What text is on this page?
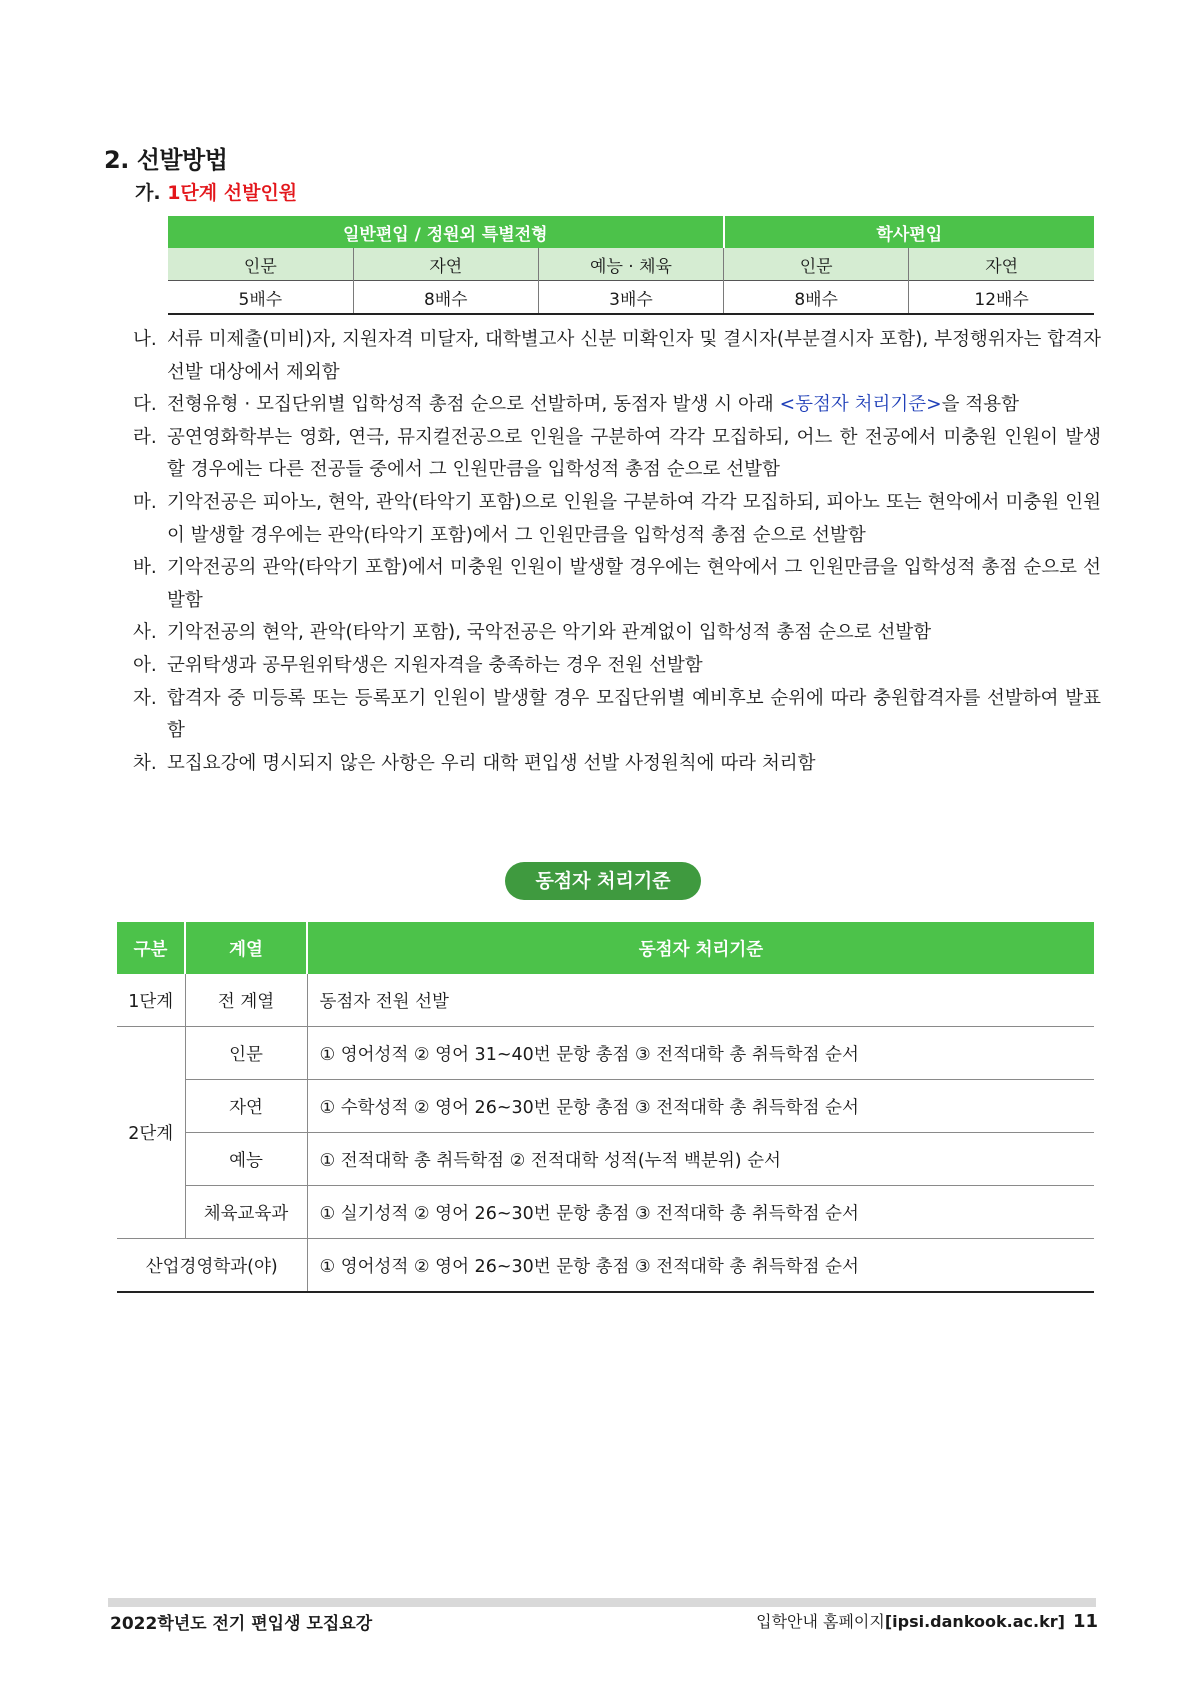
2. 선발방법
가. 1단계 선발인원
일반편입 / 정원외 특별전형			학사편입	
인문	자연	예능 · 체육	인문	자연
5배수	8배수	3배수	8배수	12배수
나. 서류 미제출(미비)자, 지원자격 미달자, 대학별고사 신분 미확인자 및 결시자(부분결시자 포함), 부정행위자는 합격자 선발 대상에서 제외함
다. 전형유형 · 모집단위별 입학성적 총점 순으로 선발하며, 동점자 발생 시 아래 <동점자 처리기준>을 적용함
라. 공연영화학부는 영화, 연극, 뮤지컬전공으로 인원을 구분하여 각각 모집하되, 어느 한 전공에서 미충원 인원이 발생할 경우에는 다른 전공들 중에서 그 인원만큼을 입학성적 총점 순으로 선발함
마. 기악전공은 피아노, 현악, 관악(타악기 포함)으로 인원을 구분하여 각각 모집하되, 피아노 또는 현악에서 미충원 인원이 발생할 경우에는 관악(타악기 포함)에서 그 인원만큼을 입학성적 총점 순으로 선발함
바. 기악전공의 관악(타악기 포함)에서 미충원 인원이 발생할 경우에는 현악에서 그 인원만큼을 입학성적 총점 순으로 선발함
사. 기악전공의 현악, 관악(타악기 포함), 국악전공은 악기와 관계없이 입학성적 총점 순으로 선발함
아. 군위탁생과 공무원위탁생은 지원자격을 충족하는 경우 전원 선발함
자. 합격자 중 미등록 또는 등록포기 인원이 발생할 경우 모집단위별 예비후보 순위에 따라 충원합격자를 선발하여 발표함
차. 모집요강에 명시되지 않은 사항은 우리 대학 편입생 선발 사정원칙에 따라 처리함
동점자 처리기준
구분	계열	동점자 처리기준
1단계	전 계열	동점자 전원 선발
2단계	인문	① 영어성적 ② 영어 31~40번 문항 총점 ③ 전적대학 총 취득학점 순서
	자연	① 수학성적 ② 영어 26~30번 문항 총점 ③ 전적대학 총 취득학점 순서
	예능	① 전적대학 총 취득학점 ② 전적대학 성적(누적 백분위) 순서
	체육교육과	① 실기성적 ② 영어 26~30번 문항 총점 ③ 전적대학 총 취득학점 순서
산업경영학과(야)		① 영어성적 ② 영어 26~30번 문항 총점 ③ 전적대학 총 취득학점 순서
2022학년도 전기 편입생 모집요강	입학안내 홈페이지[ipsi.dankook.ac.kr] 11
